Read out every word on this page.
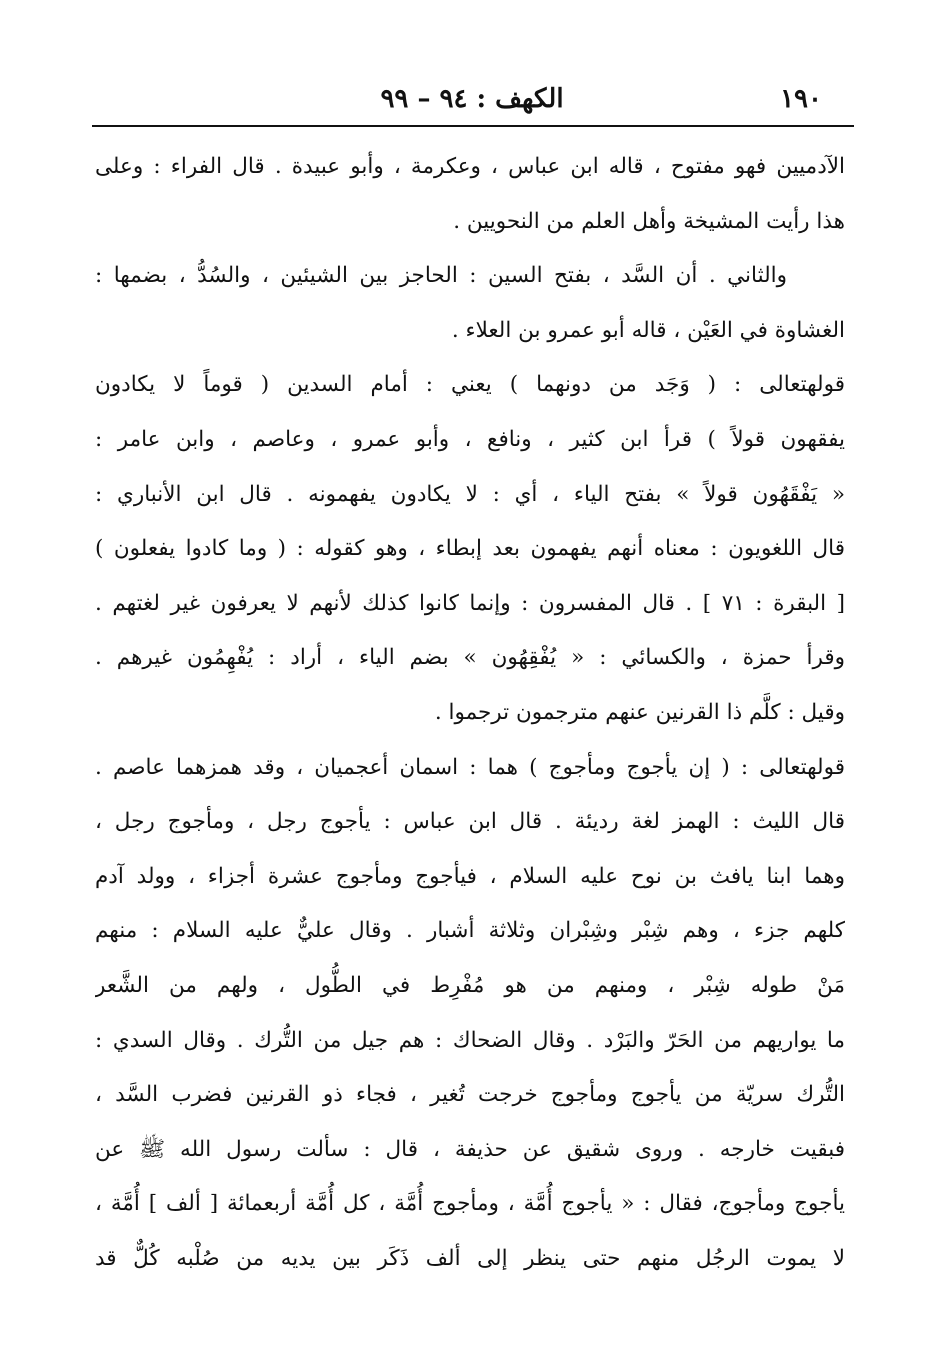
١٩٠
الكهف : ٩٤ – ٩٩
الآدميين فهو مفتوح ، قاله ابن عباس ، وعكرمة ، وأبو عبيدة . قال الفراء : وعلى
هذا رأيت المشيخة وأهل العلم من النحويين .
والثاني . أن السَّد ، بفتح السين : الحاجز بين الشيئين ، والسُدُّ ، بضمها :
الغشاوة في العَيْن ، قاله أبو عمرو بن العلاء .
قولهتعالى : ( وَجَد من دونهما ) يعني : أمام السدين ( قوماً لا يكادون
يفقهون قولاً ) قرأ ابن كثير ، ونافع ، وأبو عمرو ، وعاصم ، وابن عامر :
« يَفْقَهُون قولاً » بفتح الياء ، أي : لا يكادون يفهمونه . قال ابن الأنباري :
قال اللغويون : معناه أنهم يفهمون بعد إبطاء ، وهو كقوله : ( وما كادوا يفعلون )
[ البقرة : ٧١ ] . قال المفسرون : وإنما كانوا كذلك لأنهم لا يعرفون غير لغتهم .
وقرأ حمزة ، والكسائي : « يُفْقِهُون » بضم الياء ، أراد : يُفْهِمُون غيرهم .
وقيل : كلَّم ذا القرنين عنهم مترجمون ترجموا .
قولهتعالى : ( إن يأجوج ومأجوج ) هما : اسمان أعجميان ، وقد همزهما عاصم .
قال الليث : الهمز لغة رديئة . قال ابن عباس : يأجوج رجل ، ومأجوج رجل ،
وهما ابنا يافث بن نوح عليه السلام ، فيأجوج ومأجوج عشرة أجزاء ، وولد آدم
كلهم جزء ، وهم شِبْر وشِبْران وثلاثة أشبار . وقال عليٌّ عليه السلام : منهم
مَنْ طوله شِبْر ، ومنهم من هو مُفْرِط في الطُّول ، ولهم من الشَّعر
ما يواريهم من الحَرّ والبَرْد . وقال الضحاك : هم جيل من التُّرك . وقال السدي :
التُّرك سريّة من يأجوج ومأجوج خرجت تُغير ، فجاء ذو القرنين فضرب السَّد ،
فبقيت خارجه . وروى شقيق عن حذيفة ، قال : سألت رسول الله ﷺ عن
يأجوج ومأجوج، فقال : « يأجوج أُمَّة ، ومأجوج أُمَّة ، كل أُمَّة أربعمائة [ ألف ] أُمَّة ،
لا يموت الرجُل منهم حتى ينظر إلى ألف ذَكَر بين يديه من صُلْبه كُلٌّ قد
